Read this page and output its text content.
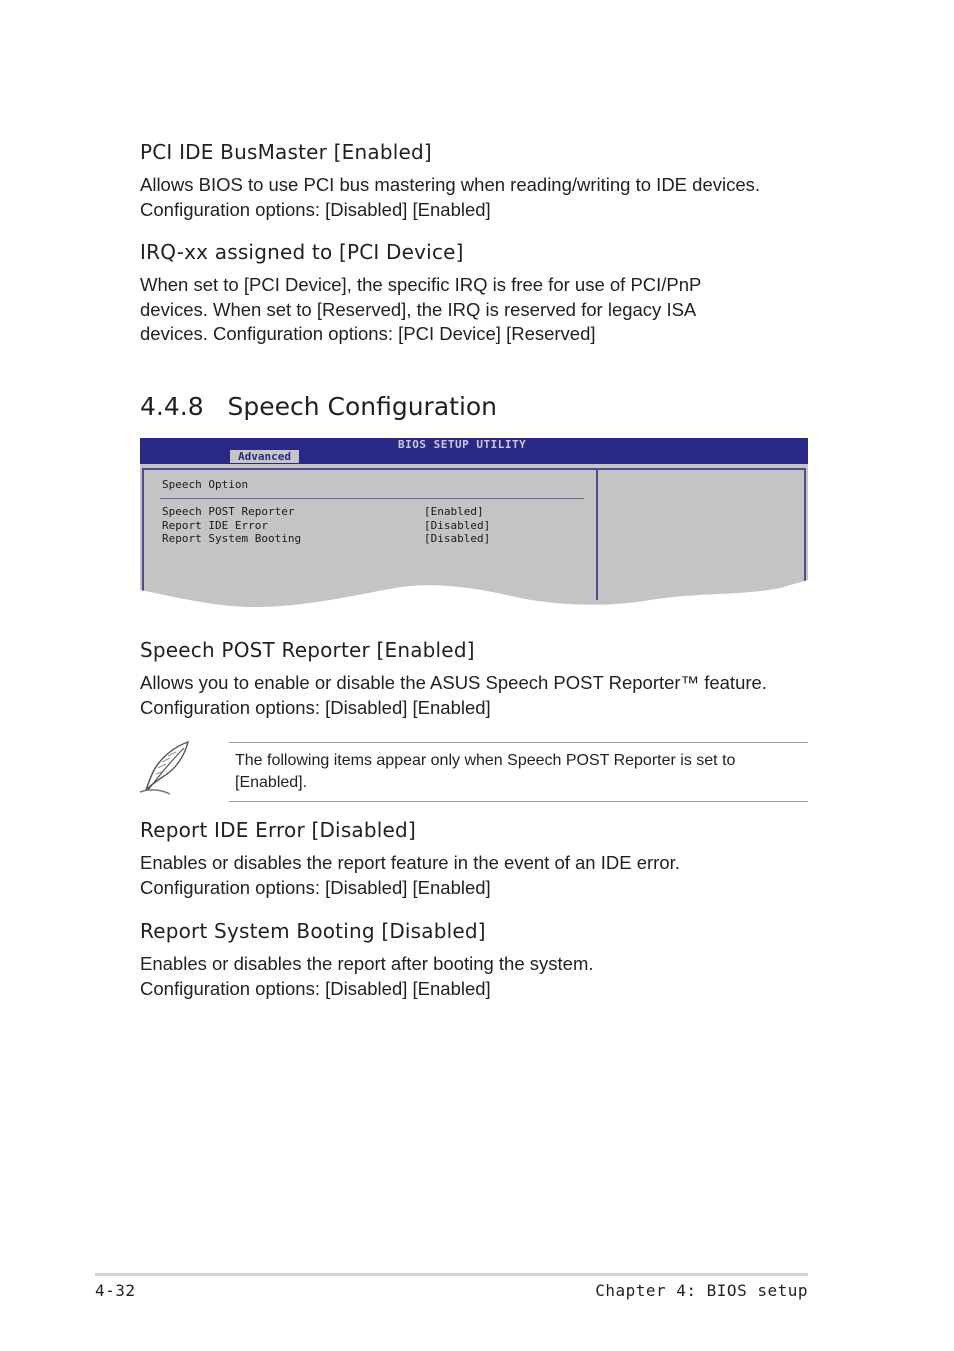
PCI IDE BusMaster [Enabled]
Allows BIOS to use PCI bus mastering when reading/writing to IDE devices.
Configuration options: [Disabled] [Enabled]
IRQ-xx assigned to [PCI Device]
When set to [PCI Device], the specific IRQ is free for use of PCI/PnP
devices. When set to [Reserved], the IRQ is reserved for legacy ISA
devices. Configuration options: [PCI Device] [Reserved]
4.4.8   Speech Configuration
BIOS SETUP UTILITY
Advanced
Speech Option
Speech POST Reporter	[Enabled]
Report IDE Error	[Disabled]
Report System Booting	[Disabled]
Speech POST Reporter [Enabled]
Allows you to enable or disable the ASUS Speech POST Reporter™ feature.
Configuration options: [Disabled] [Enabled]
The following items appear only when Speech POST Reporter is set to
[Enabled].
Report IDE Error [Disabled]
Enables or disables the report feature in the event of an IDE error.
Configuration options: [Disabled] [Enabled]
Report System Booting [Disabled]
Enables or disables the report after booting the system.
Configuration options: [Disabled] [Enabled]
4-32	Chapter 4: BIOS setup
